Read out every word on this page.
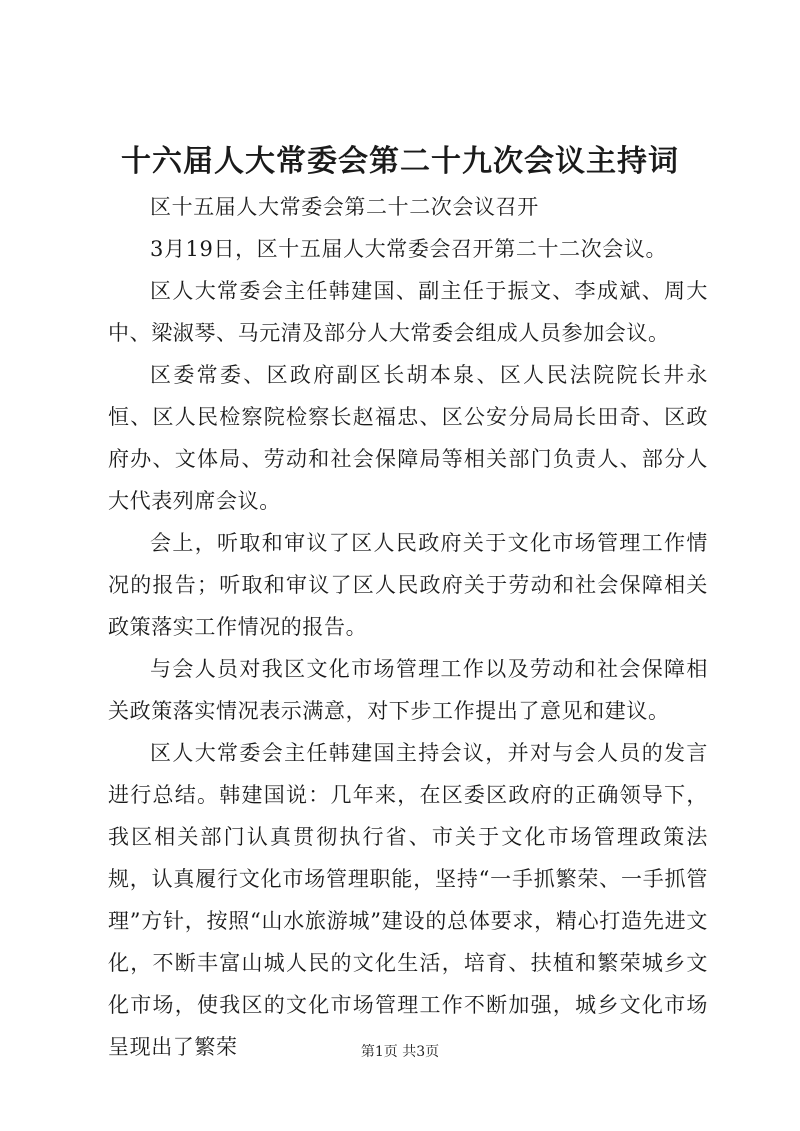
十六届人大常委会第二十九次会议主持词

区十五届人大常委会第二十二次会议召开

3月19日，区十五届人大常委会召开第二十二次会议。

区人大常委会主任韩建国、副主任于振文、李成斌、周大中、梁淑琴、马元清及部分人大常委会组成人员参加会议。

区委常委、区政府副区长胡本泉、区人民法院院长井永恒、区人民检察院检察长赵福忠、区公安分局局长田奇、区政府办、文体局、劳动和社会保障局等相关部门负责人、部分人大代表列席会议。

会上，听取和审议了区人民政府关于文化市场管理工作情况的报告；听取和审议了区人民政府关于劳动和社会保障相关政策落实工作情况的报告。

与会人员对我区文化市场管理工作以及劳动和社会保障相关政策落实情况表示满意，对下步工作提出了意见和建议。

区人大常委会主任韩建国主持会议，并对与会人员的发言进行总结。韩建国说：几年来，在区委区政府的正确领导下，我区相关部门认真贯彻执行省、市关于文化市场管理政策法规，认真履行文化市场管理职能，坚持“一手抓繁荣、一手抓管理”方针，按照“山水旅游城”建设的总体要求，精心打造先进文化，不断丰富山城人民的文化生活，培育、扶植和繁荣城乡文化市场，使我区的文化市场管理工作不断加强，城乡文化市场呈现出了繁荣	第1页 共3页
